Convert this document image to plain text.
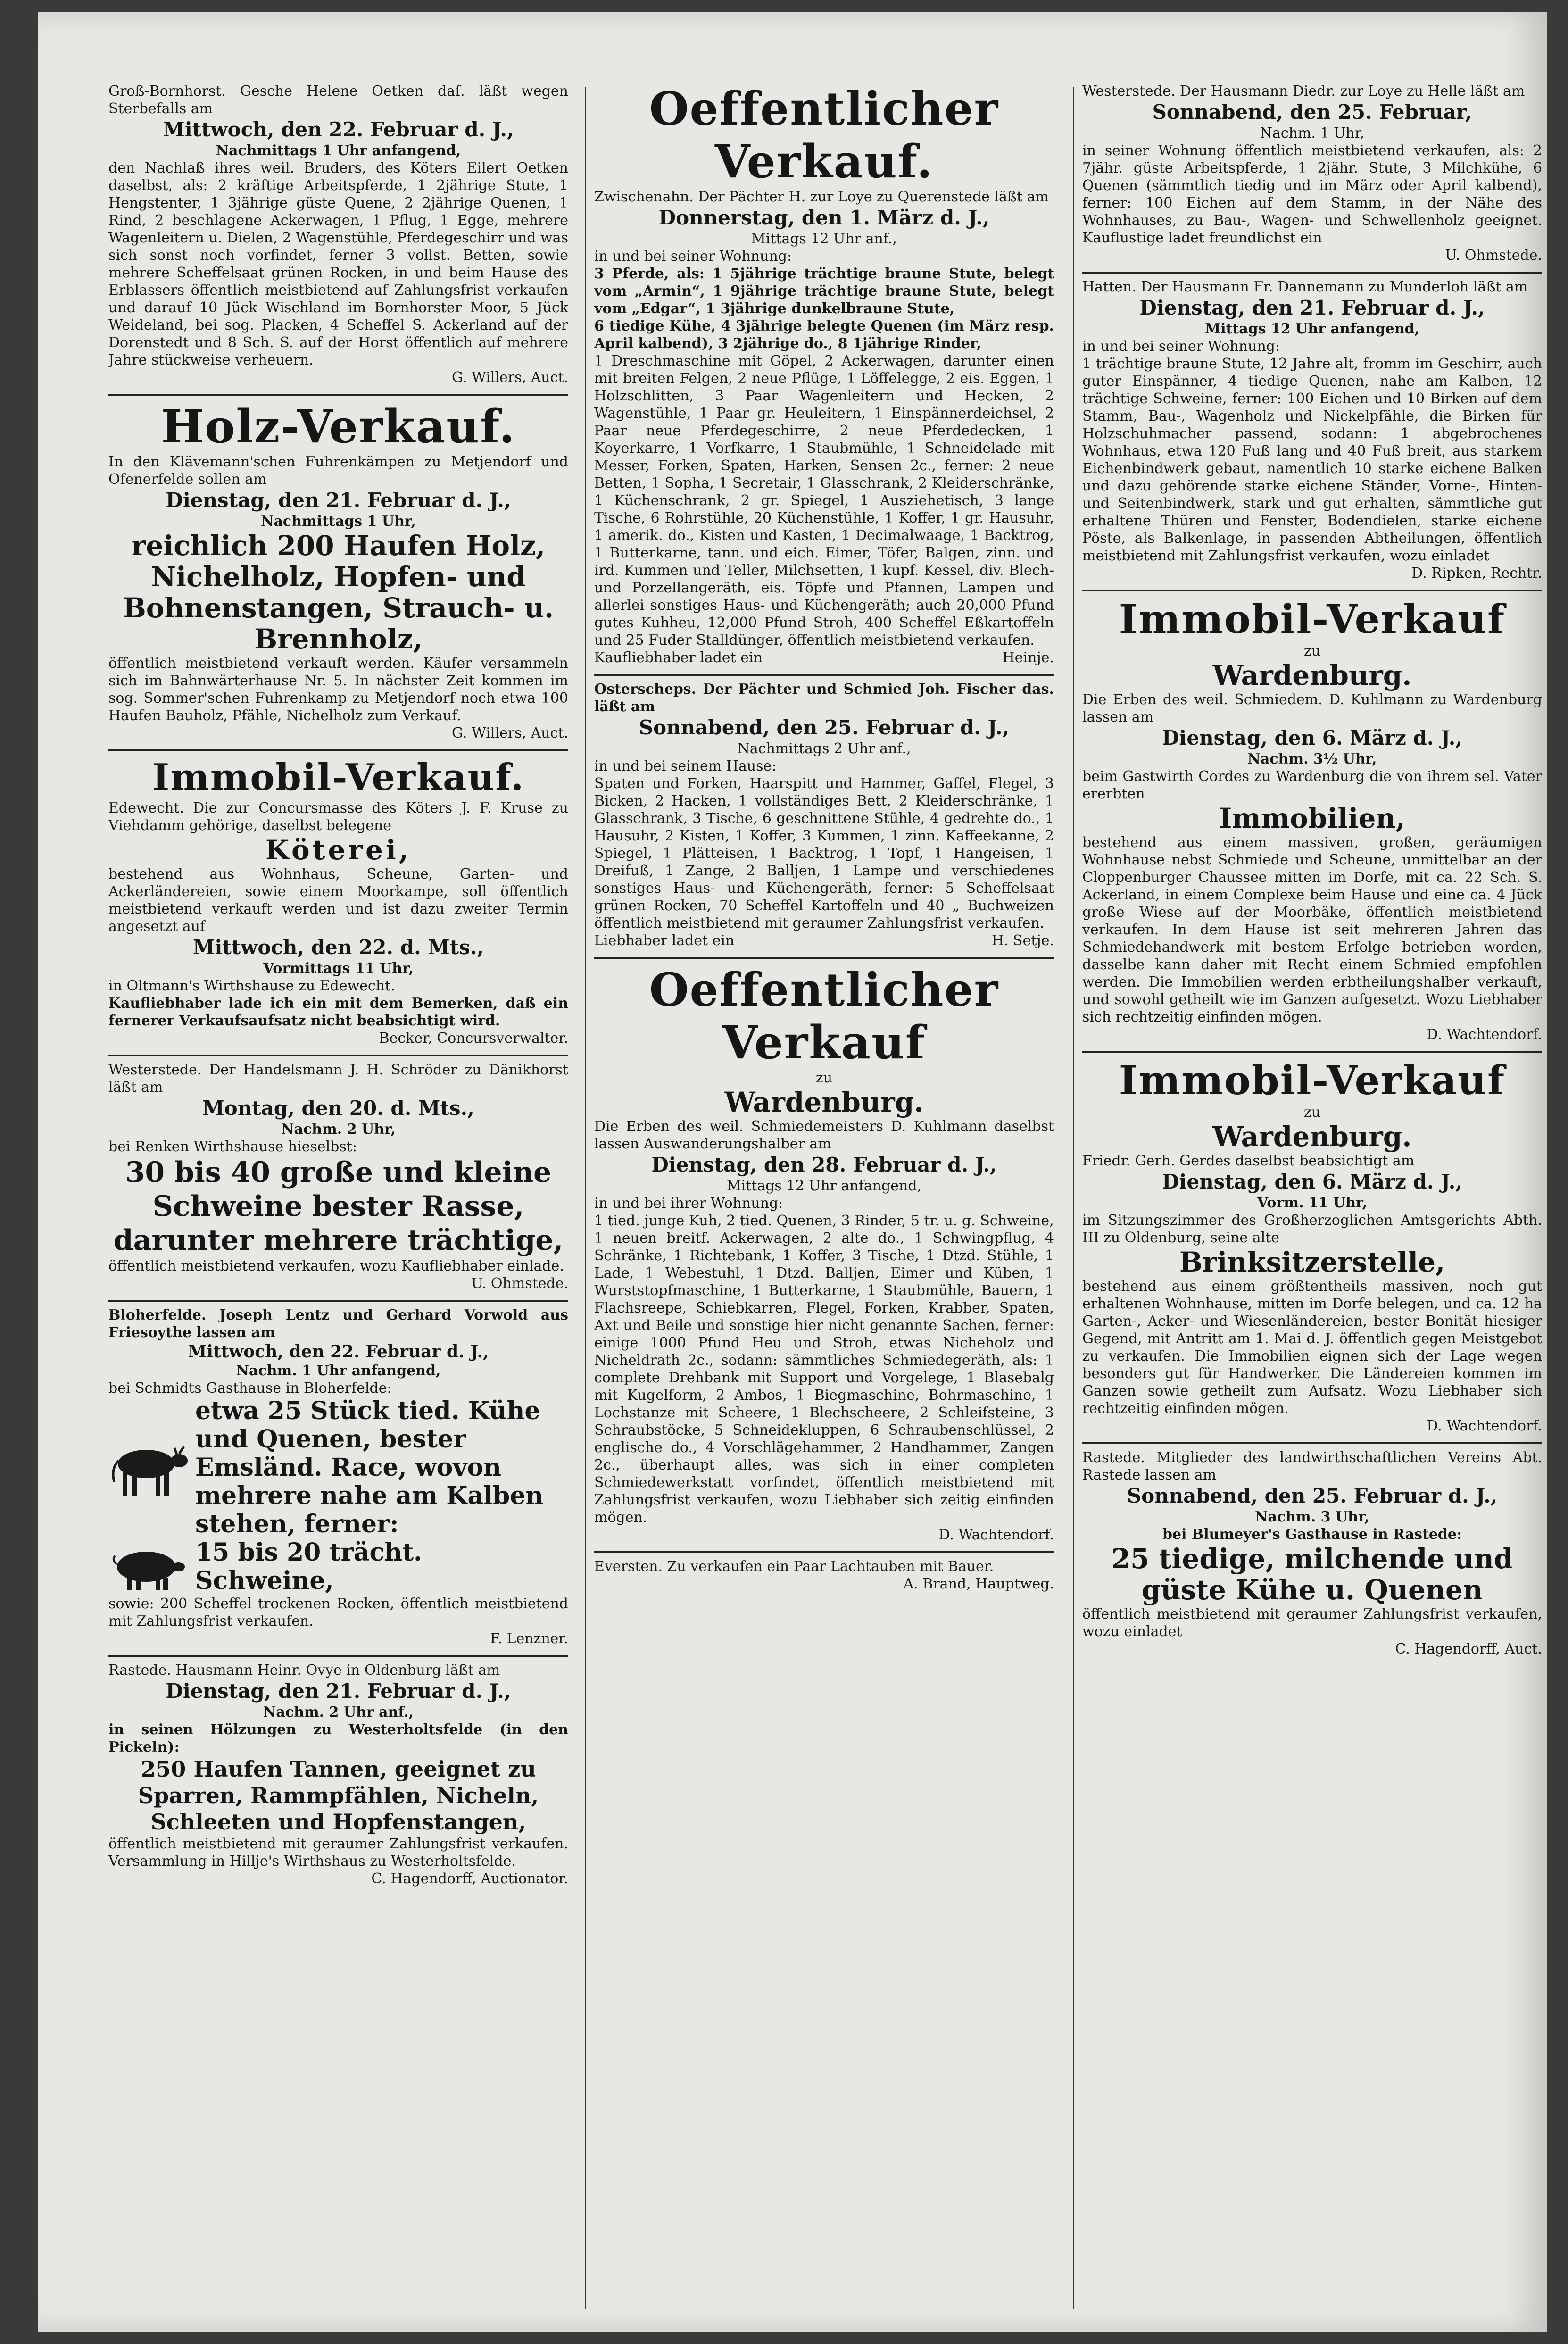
Groß-Bornhorst. Gesche Helene Oetken daſ. läßt wegen Sterbefalls am

Mittwoch, den 22. Februar d. J.,

Nachmittags 1 Uhr anfangend,

den Nachlaß ihres weil. Bruders, des Köters Eilert Oetken daselbst, als: 2 kräftige Arbeitspferde, 1 2jährige Stute, 1 Hengstenter, 1 3jährige güste Quene, 2 2jährige Quenen, 1 Rind, 2 beschlagene Ackerwagen, 1 Pflug, 1 Egge, mehrere Wagenleitern u. Dielen, 2 Wagenstühle, Pferdegeschirr und was sich sonst noch vorfindet, ferner 3 vollst. Betten, sowie mehrere Scheffelsaat grünen Rocken, in und beim Hause des Erblassers öffentlich meistbietend auf Zahlungsfrist verkaufen und darauf 10 Jück Wischland im Bornhorster Moor, 5 Jück Weideland, bei sog. Placken, 4 Scheffel S. Ackerland auf der Dorenstedt und 8 Sch. S. auf der Horst öffentlich auf mehrere Jahre stückweise verheuern.

G. Willers, Auct.

Holz-Verkauf.

In den Klävemann'schen Fuhrenkämpen zu Metjendorf und Ofenerfelde sollen am

Dienstag, den 21. Februar d. J.,

Nachmittags 1 Uhr,

reichlich 200 Haufen Holz, Nichelholz, Hopfen- und Bohnenstangen, Strauch- u. Brennholz,

öffentlich meistbietend verkauft werden. Käufer versammeln sich im Bahnwärterhause Nr. 5. In nächster Zeit kommen im sog. Sommer'schen Fuhrenkamp zu Metjendorf noch etwa 100 Haufen Bauholz, Pfähle, Nichelholz zum Verkauf.

G. Willers, Auct.

Immobil-Verkauf.

Edewecht. Die zur Concursmasse des Köters J. F. Kruse zu Viehdamm gehörige, daselbst belegene

Köterei,

bestehend aus Wohnhaus, Scheune, Garten- und Ackerländereien, sowie einem Moorkampe, soll öffentlich meistbietend verkauft werden und ist dazu zweiter Termin angesetzt auf

Mittwoch, den 22. d. Mts.,

Vormittags 11 Uhr,

in Oltmann's Wirthshause zu Edewecht.

Kaufliebhaber lade ich ein mit dem Bemerken, daß ein fernerer Verkaufsaufsatz nicht beabsichtigt wird.

Becker, Concursverwalter.

Westerstede. Der Handelsmann J. H. Schröder zu Dänikhorst läßt am

Montag, den 20. d. Mts.,

Nachm. 2 Uhr,

bei Renken Wirthshause hieselbst:

30 bis 40 große und kleine Schweine bester Rasse, darunter mehrere trächtige,

öffentlich meistbietend verkaufen, wozu Kaufliebhaber einlade.

U. Ohmstede.

Bloherfelde. Joseph Lentz und Gerhard Vorwold aus Friesoythe lassen am

Mittwoch, den 22. Februar d. J.,

Nachm. 1 Uhr anfangend,

bei Schmidts Gasthause in Bloherfelde:

etwa 25 Stück tied. Kühe und Quenen, bester Emsländ. Race, wovon mehrere nahe am Kalben stehen, ferner:
15 bis 20 trächt. Schweine,

sowie: 200 Scheffel trockenen Rocken, öffentlich meistbietend mit Zahlungsfrist verkaufen.

F. Lenzner.

Rastede. Hausmann Heinr. Ovye in Oldenburg läßt am

Dienstag, den 21. Februar d. J.,

Nachm. 2 Uhr anf.,

in seinen Hölzungen zu Westerholtsfelde (in den Pickeln):

250 Haufen Tannen, geeignet zu Sparren, Rammpfählen, Nicheln, Schleeten und Hopfenstangen,

öffentlich meistbietend mit geraumer Zahlungsfrist verkaufen. Versammlung in Hillje's Wirthshaus zu Westerholtsfelde.

C. Hagendorff, Auctionator.

Oeffentlicher Verkauf.

Zwischenahn. Der Pächter H. zur Loye zu Querenstede läßt am

Donnerstag, den 1. März d. J.,

Mittags 12 Uhr anf.,

in und bei seiner Wohnung:

3 Pferde, als: 1 5jährige trächtige braune Stute, belegt vom „Armin“, 1 9jährige trächtige braune Stute, belegt vom „Edgar“, 1 3jährige dunkelbraune Stute,

6 tiedige Kühe, 4 3jährige belegte Quenen (im März resp. April kalbend), 3 2jährige do., 8 1jährige Rinder,

1 Dreschmaschine mit Göpel, 2 Ackerwagen, darunter einen mit breiten Felgen, 2 neue Pflüge, 1 Löffelegge, 2 eis. Eggen, 1 Holzschlitten, 3 Paar Wagenleitern und Hecken, 2 Wagenstühle, 1 Paar gr. Heuleitern, 1 Einspännerdeichsel, 2 Paar neue Pferdegeschirre, 2 neue Pferdedecken, 1 Koyerkarre, 1 Vorfkarre, 1 Staubmühle, 1 Schneidelade mit Messer, Forken, Spaten, Harken, Sensen 2c., ferner: 2 neue Betten, 1 Sopha, 1 Secretair, 1 Glasschrank, 2 Kleiderschränke, 1 Küchenschrank, 2 gr. Spiegel, 1 Ausziehetisch, 3 lange Tische, 6 Rohrstühle, 20 Küchenstühle, 1 Koffer, 1 gr. Hausuhr, 1 amerik. do., Kisten und Kasten, 1 Decimalwaage, 1 Backtrog, 1 Butterkarne, tann. und eich. Eimer, Töfer, Balgen, zinn. und ird. Kummen und Teller, Milchsetten, 1 kupf. Kessel, div. Blech- und Porzellangeräth, eis. Töpfe und Pfannen, Lampen und allerlei sonstiges Haus- und Küchengeräth; auch 20,000 Pfund gutes Kuhheu, 12,000 Pfund Stroh, 400 Scheffel Eßkartoffeln und 25 Fuder Stalldünger, öffentlich meistbietend verkaufen.

Kaufliebhaber ladet ein	Heinje.

Osterscheps. Der Pächter und Schmied Joh. Fischer das. läßt am

Sonnabend, den 25. Februar d. J.,

Nachmittags 2 Uhr anf.,

in und bei seinem Hause:

Spaten und Forken, Haarspitt und Hammer, Gaffel, Flegel, 3 Bicken, 2 Hacken, 1 vollständiges Bett, 2 Kleiderschränke, 1 Glasschrank, 3 Tische, 6 geschnittene Stühle, 4 gedrehte do., 1 Hausuhr, 2 Kisten, 1 Koffer, 3 Kummen, 1 zinn. Kaffeekanne, 2 Spiegel, 1 Plätteisen, 1 Backtrog, 1 Topf, 1 Hangeisen, 1 Dreifuß, 1 Zange, 2 Balljen, 1 Lampe und verschiedenes sonstiges Haus- und Küchengeräth, ferner: 5 Scheffelsaat grünen Rocken, 70 Scheffel Kartoffeln und 40 „ Buchweizen öffentlich meistbietend mit geraumer Zahlungsfrist verkaufen.

Liebhaber ladet ein	H. Setje.

Oeffentlicher Verkauf

zu

Wardenburg.

Die Erben des weil. Schmiedemeisters D. Kuhlmann daselbst lassen Auswanderungshalber am

Dienstag, den 28. Februar d. J.,

Mittags 12 Uhr anfangend,

in und bei ihrer Wohnung:

1 tied. junge Kuh, 2 tied. Quenen, 3 Rinder, 5 tr. u. g. Schweine,

1 neuen breitf. Ackerwagen, 2 alte do., 1 Schwingpflug, 4 Schränke, 1 Richtebank, 1 Koffer, 3 Tische, 1 Dtzd. Stühle, 1 Lade, 1 Webestuhl, 1 Dtzd. Balljen, Eimer und Küben, 1 Wurststopfmaschine, 1 Butterkarne, 1 Staubmühle, Bauern, 1 Flachsreepe, Schiebkarren, Flegel, Forken, Krabber, Spaten, Axt und Beile und sonstige hier nicht genannte Sachen, ferner: einige 1000 Pfund Heu und Stroh, etwas Nicheholz und Nicheldrath 2c., sodann: sämmtliches Schmiedegeräth, als: 1 complete Drehbank mit Support und Vorgelege, 1 Blasebalg mit Kugelform, 2 Ambos, 1 Biegmaschine, Bohrmaschine, 1 Lochstanze mit Scheere, 1 Blechscheere, 2 Schleifsteine, 3 Schraubstöcke, 5 Schneidekluppen, 6 Schraubenschlüssel, 2 englische do., 4 Vorschlägehammer, 2 Handhammer, Zangen 2c., überhaupt alles, was sich in einer completen Schmiedewerkstatt vorfindet, öffentlich meistbietend mit Zahlungsfrist verkaufen, wozu Liebhaber sich zeitig einfinden mögen.

D. Wachtendorf.

Eversten. Zu verkaufen ein Paar Lachtauben mit Bauer.

A. Brand, Hauptweg.

Westerstede. Der Hausmann Diedr. zur Loye zu Helle läßt am

Sonnabend, den 25. Februar,

Nachm. 1 Uhr,

in seiner Wohnung öffentlich meistbietend verkaufen, als: 2 7jähr. güste Arbeitspferde, 1 2jähr. Stute, 3 Milchkühe, 6 Quenen (sämmtlich tiedig und im März oder April kalbend), ferner: 100 Eichen auf dem Stamm, in der Nähe des Wohnhauses, zu Bau-, Wagen- und Schwellenholz geeignet. Kauflustige ladet freundlichst ein

U. Ohmstede.

Hatten. Der Hausmann Fr. Dannemann zu Munderloh läßt am

Dienstag, den 21. Februar d. J.,

Mittags 12 Uhr anfangend,

in und bei seiner Wohnung:

1 trächtige braune Stute, 12 Jahre alt, fromm im Geschirr, auch guter Einspänner, 4 tiedige Quenen, nahe am Kalben, 12 trächtige Schweine, ferner: 100 Eichen und 10 Birken auf dem Stamm, Bau-, Wagenholz und Nickelpfähle, die Birken für Holzschuhmacher passend, sodann: 1 abgebrochenes Wohnhaus, etwa 120 Fuß lang und 40 Fuß breit, aus starkem Eichenbindwerk gebaut, namentlich 10 starke eichene Balken und dazu gehörende starke eichene Ständer, Vorne-, Hinten- und Seitenbindwerk, stark und gut erhalten, sämmtliche gut erhaltene Thüren und Fenster, Bodendielen, starke eichene Pöste, als Balkenlage, in passenden Abtheilungen, öffentlich meistbietend mit Zahlungsfrist verkaufen, wozu einladet

D. Ripken, Rechtr.

Immobil-Verkauf

zu

Wardenburg.

Die Erben des weil. Schmiedem. D. Kuhlmann zu Wardenburg lassen am

Dienstag, den 6. März d. J.,

Nachm. 3½ Uhr,

beim Gastwirth Cordes zu Wardenburg die von ihrem sel. Vater ererbten

Immobilien,

bestehend aus einem massiven, großen, geräumigen Wohnhause nebst Schmiede und Scheune, unmittelbar an der Cloppenburger Chaussee mitten im Dorfe, mit ca. 22 Sch. S. Ackerland, in einem Complexe beim Hause und eine ca. 4 Jück große Wiese auf der Moorbäke, öffentlich meistbietend verkaufen. In dem Hause ist seit mehreren Jahren das Schmiedehandwerk mit bestem Erfolge betrieben worden, dasselbe kann daher mit Recht einem Schmied empfohlen werden. Die Immobilien werden erbtheilungshalber verkauft, und sowohl getheilt wie im Ganzen aufgesetzt. Wozu Liebhaber sich rechtzeitig einfinden mögen.

D. Wachtendorf.

Immobil-Verkauf

zu

Wardenburg.

Friedr. Gerh. Gerdes daselbst beabsichtigt am

Dienstag, den 6. März d. J.,

Vorm. 11 Uhr,

im Sitzungszimmer des Großherzoglichen Amtsgerichts Abth. III zu Oldenburg, seine alte

Brinksitzerstelle,

bestehend aus einem größtentheils massiven, noch gut erhaltenen Wohnhause, mitten im Dorfe belegen, und ca. 12 ha Garten-, Acker- und Wiesenländereien, bester Bonität hiesiger Gegend, mit Antritt am 1. Mai d. J. öffentlich gegen Meistgebot zu verkaufen. Die Immobilien eignen sich der Lage wegen besonders gut für Handwerker. Die Ländereien kommen im Ganzen sowie getheilt zum Aufsatz. Wozu Liebhaber sich rechtzeitig einfinden mögen.

D. Wachtendorf.

Rastede. Mitglieder des landwirthschaftlichen Vereins Abt. Rastede lassen am

Sonnabend, den 25. Februar d. J.,

Nachm. 3 Uhr,

bei Blumeyer's Gasthause in Rastede:

25 tiedige, milchende und güste Kühe u. Quenen

öffentlich meistbietend mit geraumer Zahlungsfrist verkaufen, wozu einladet

C. Hagendorff, Auct.
